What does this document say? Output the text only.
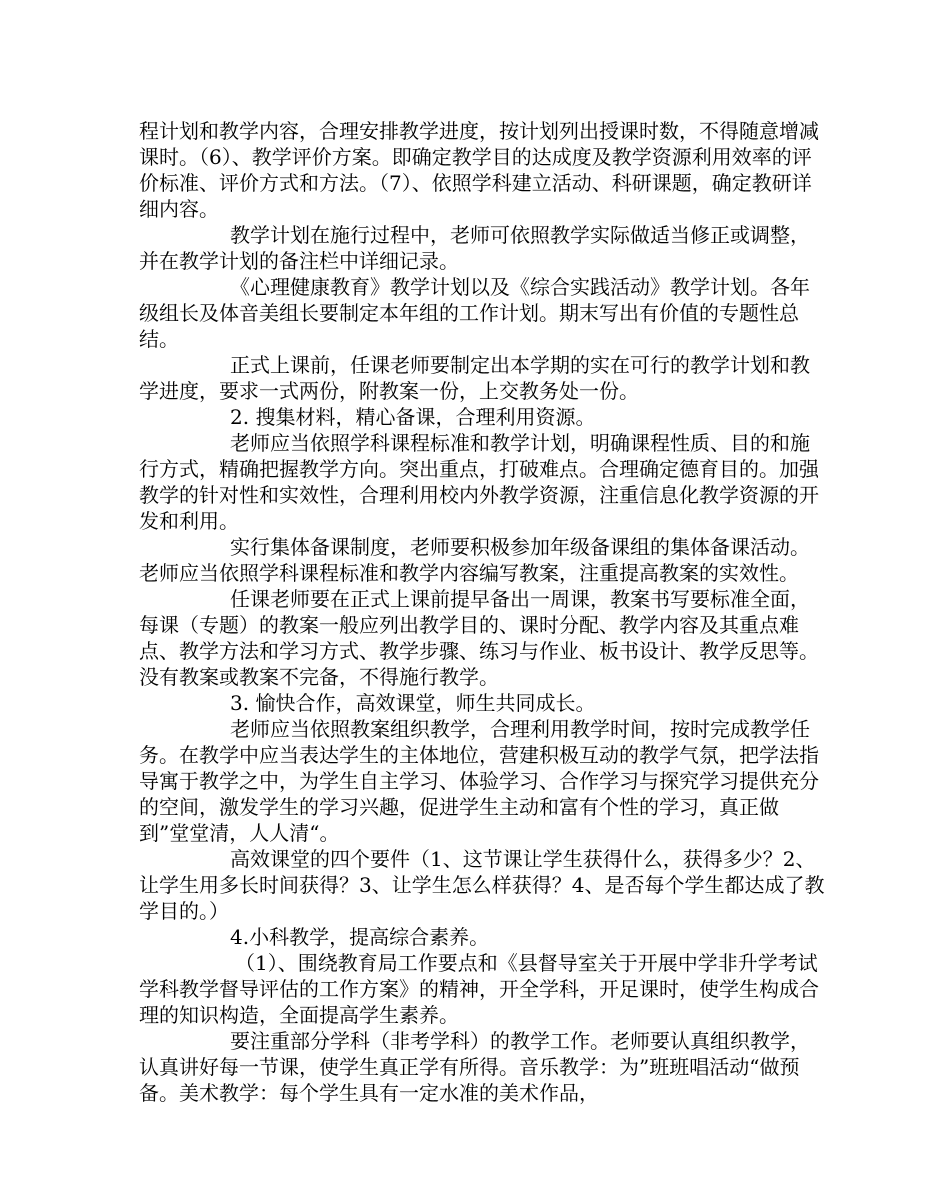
程计划和教学内容，合理安排教学进度，按计划列出授课时数，不得随意增减课时。（6）、教学评价方案。即确定教学目的达成度及教学资源利用效率的评价标准、评价方式和方法。（7）、依照学科建立活动、科研课题，确定教研详细内容。

教学计划在施行过程中，老师可依照教学实际做适当修正或调整，并在教学计划的备注栏中详细记录。

《心理健康教育》教学计划以及《综合实践活动》教学计划。各年级组长及体音美组长要制定本年组的工作计划。期末写出有价值的专题性总结。

正式上课前，任课老师要制定出本学期的实在可行的教学计划和教学进度，要求一式两份，附教案一份，上交教务处一份。

2. 搜集材料，精心备课，合理利用资源。

老师应当依照学科课程标准和教学计划，明确课程性质、目的和施行方式，精确把握教学方向。突出重点，打破难点。合理确定德育目的。加强教学的针对性和实效性，合理利用校内外教学资源，注重信息化教学资源的开发和利用。

实行集体备课制度，老师要积极参加年级备课组的集体备课活动。老师应当依照学科课程标准和教学内容编写教案，注重提高教案的实效性。

任课老师要在正式上课前提早备出一周课，教案书写要标准全面，每课（专题）的教案一般应列出教学目的、课时分配、教学内容及其重点难点、教学方法和学习方式、教学步骤、练习与作业、板书设计、教学反思等。没有教案或教案不完备，不得施行教学。

3. 愉快合作，高效课堂，师生共同成长。

老师应当依照教案组织教学，合理利用教学时间，按时完成教学任务。在教学中应当表达学生的主体地位，营建积极互动的教学气氛，把学法指导寓于教学之中，为学生自主学习、体验学习、合作学习与探究学习提供充分的空间，激发学生的学习兴趣，促进学生主动和富有个性的学习，真正做到”堂堂清，人人清“。

高效课堂的四个要件（1、这节课让学生获得什么，获得多少？2、让学生用多长时间获得？3、让学生怎么样获得？4、是否每个学生都达成了教学目的。）

4.小科教学，提高综合素养。

（1）、围绕教育局工作要点和《县督导室关于开展中学非升学考试学科教学督导评估的工作方案》的精神，开全学科，开足课时，使学生构成合理的知识构造，全面提高学生素养。

要注重部分学科（非考学科）的教学工作。老师要认真组织教学，认真讲好每一节课，使学生真正学有所得。音乐教学：为”班班唱活动“做预备。美术教学：每个学生具有一定水准的美术作品，
